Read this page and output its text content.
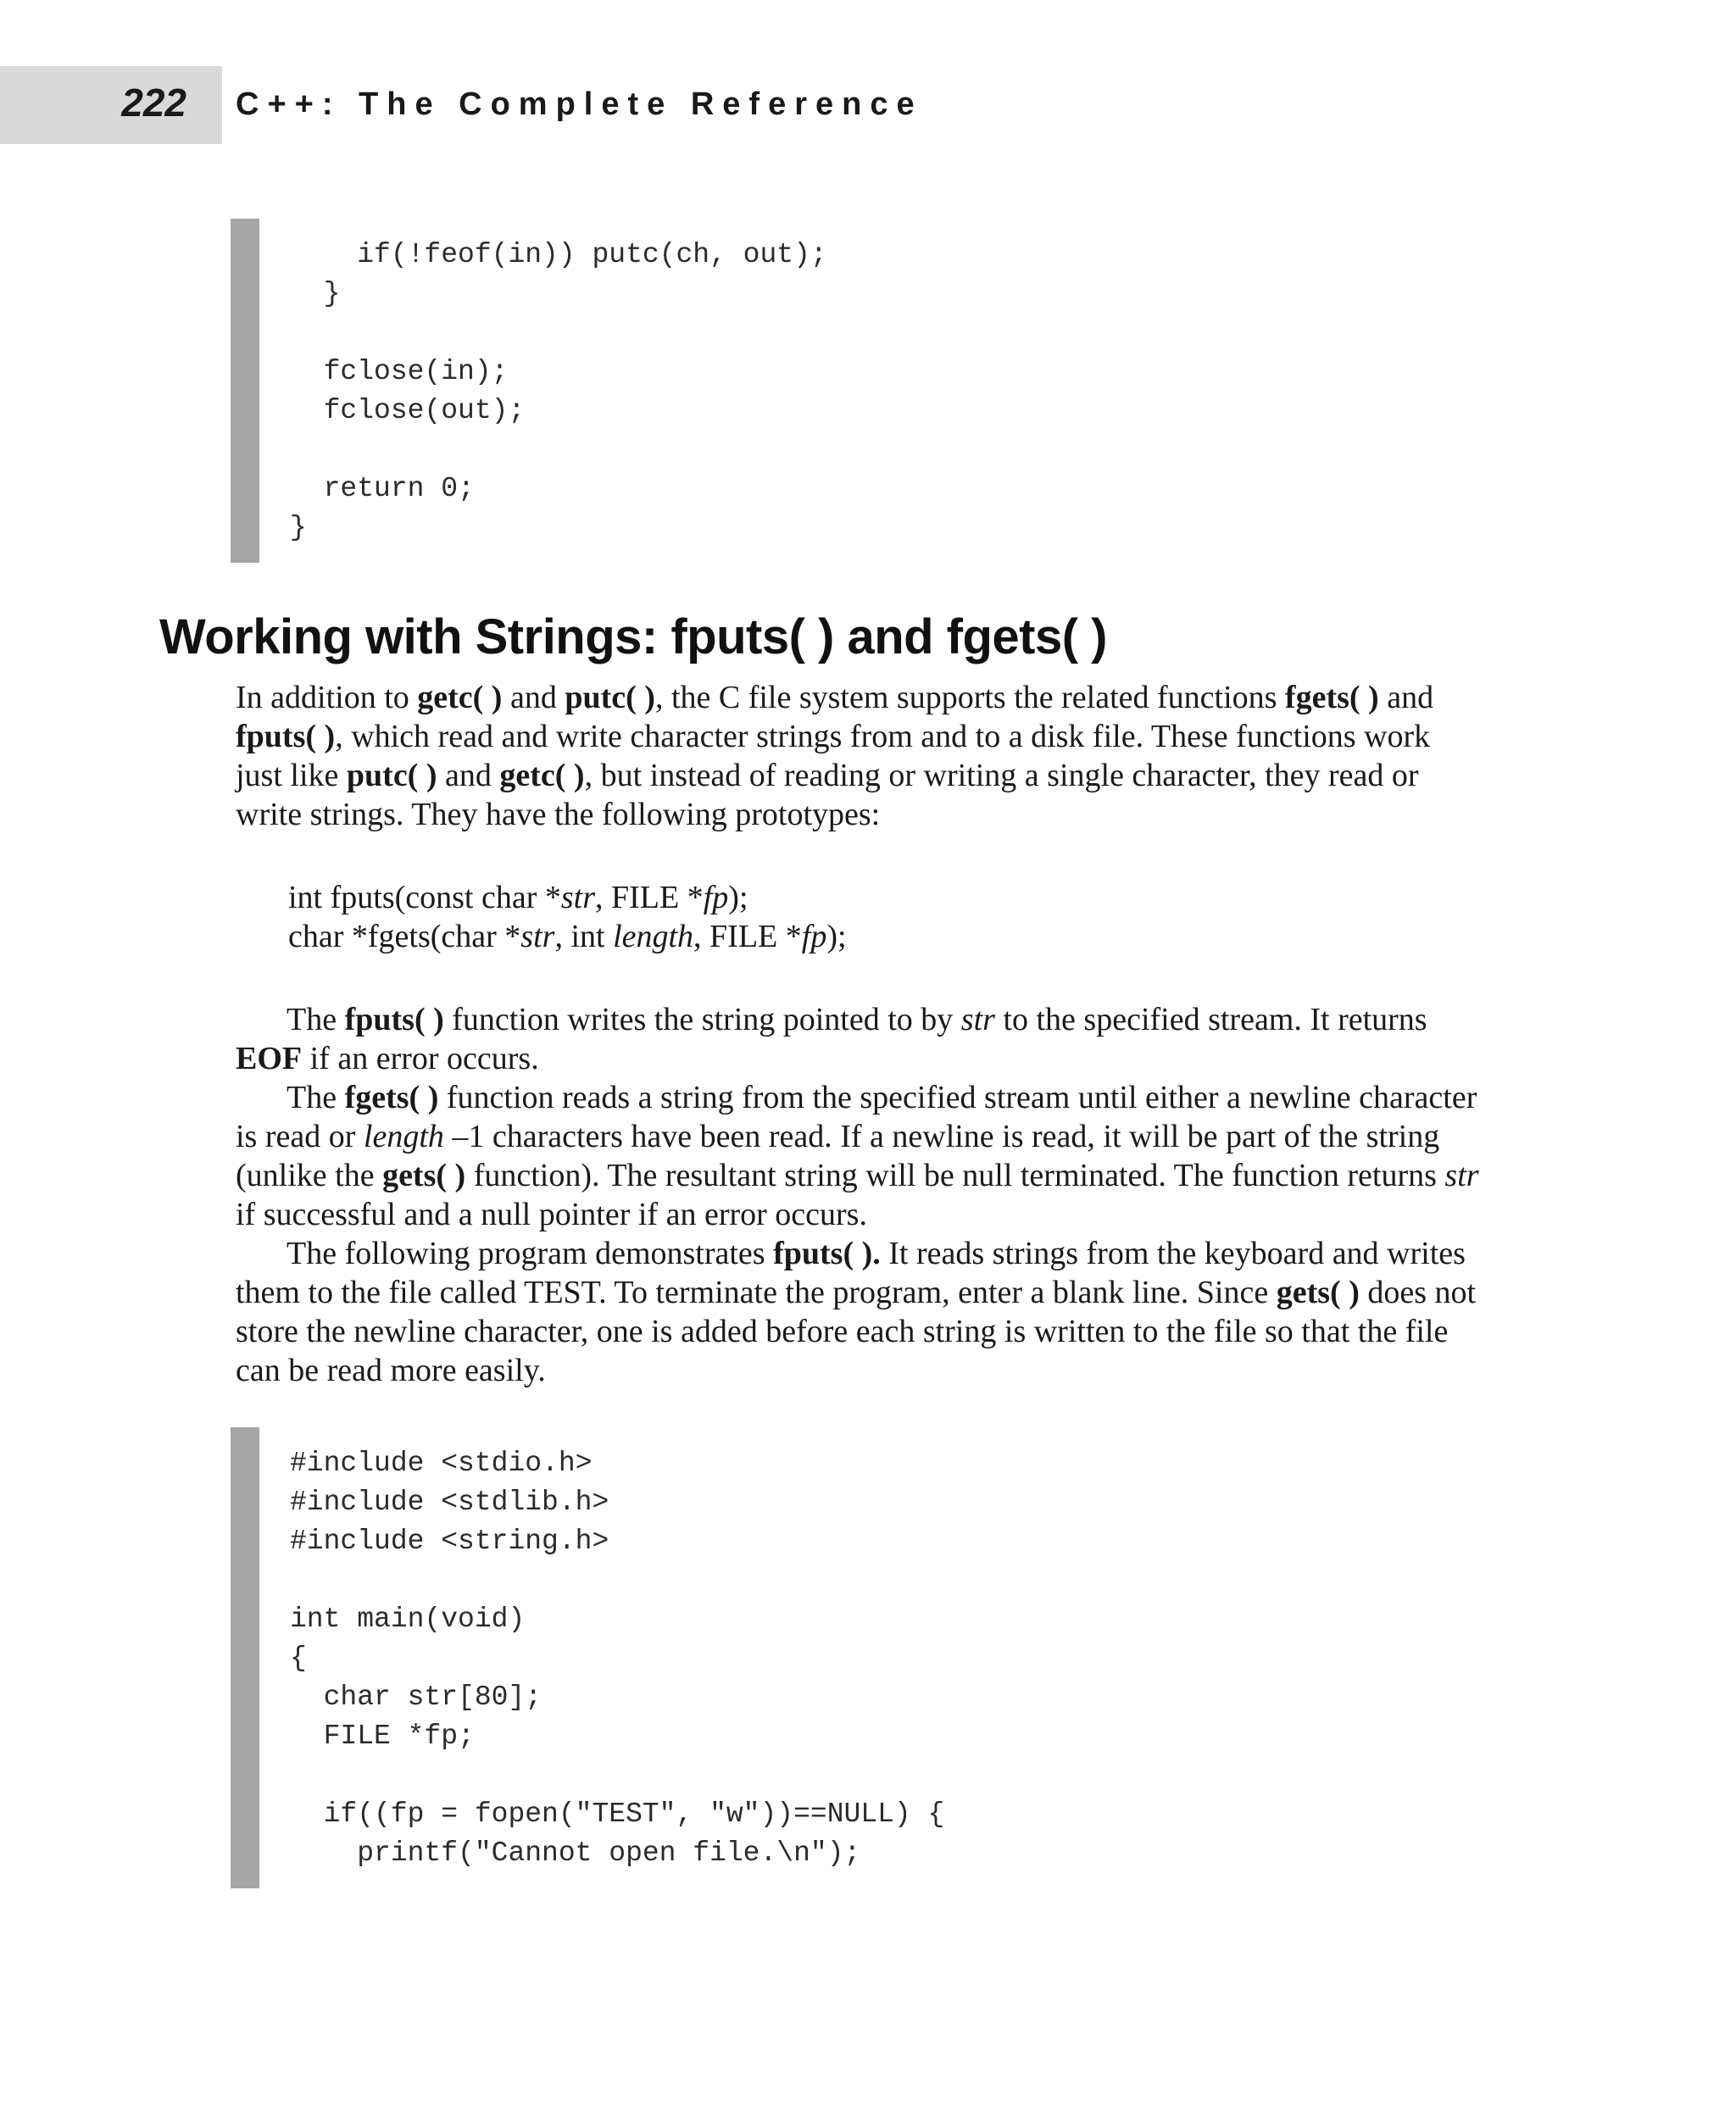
222 C++: The Complete Reference
if(!feof(in)) putc(ch, out);
}

fclose(in);
fclose(out);

return 0;
}
Working with Strings: fputs( ) and fgets( )

In addition to getc( ) and putc( ), the C file system supports the related functions fgets( ) and fputs( ), which read and write character strings from and to a disk file. These functions work just like putc( ) and getc( ), but instead of reading or writing a single character, they read or write strings. They have the following prototypes:

int fputs(const char *str, FILE *fp);
char *fgets(char *str, int length, FILE *fp);

The fputs( ) function writes the string pointed to by str to the specified stream. It returns EOF if an error occurs.

The fgets( ) function reads a string from the specified stream until either a newline character is read or length –1 characters have been read. If a newline is read, it will be part of the string (unlike the gets( ) function). The resultant string will be null terminated. The function returns str if successful and a null pointer if an error occurs.

The following program demonstrates fputs( ). It reads strings from the keyboard and writes them to the file called TEST. To terminate the program, enter a blank line. Since gets( ) does not store the newline character, one is added before each string is written to the file so that the file can be read more easily.

#include <stdio.h>
#include <stdlib.h>
#include <string.h>

int main(void)
{
char str[80];
FILE *fp;

if((fp = fopen("TEST", "w"))==NULL) {
printf("Cannot open file.\n");
